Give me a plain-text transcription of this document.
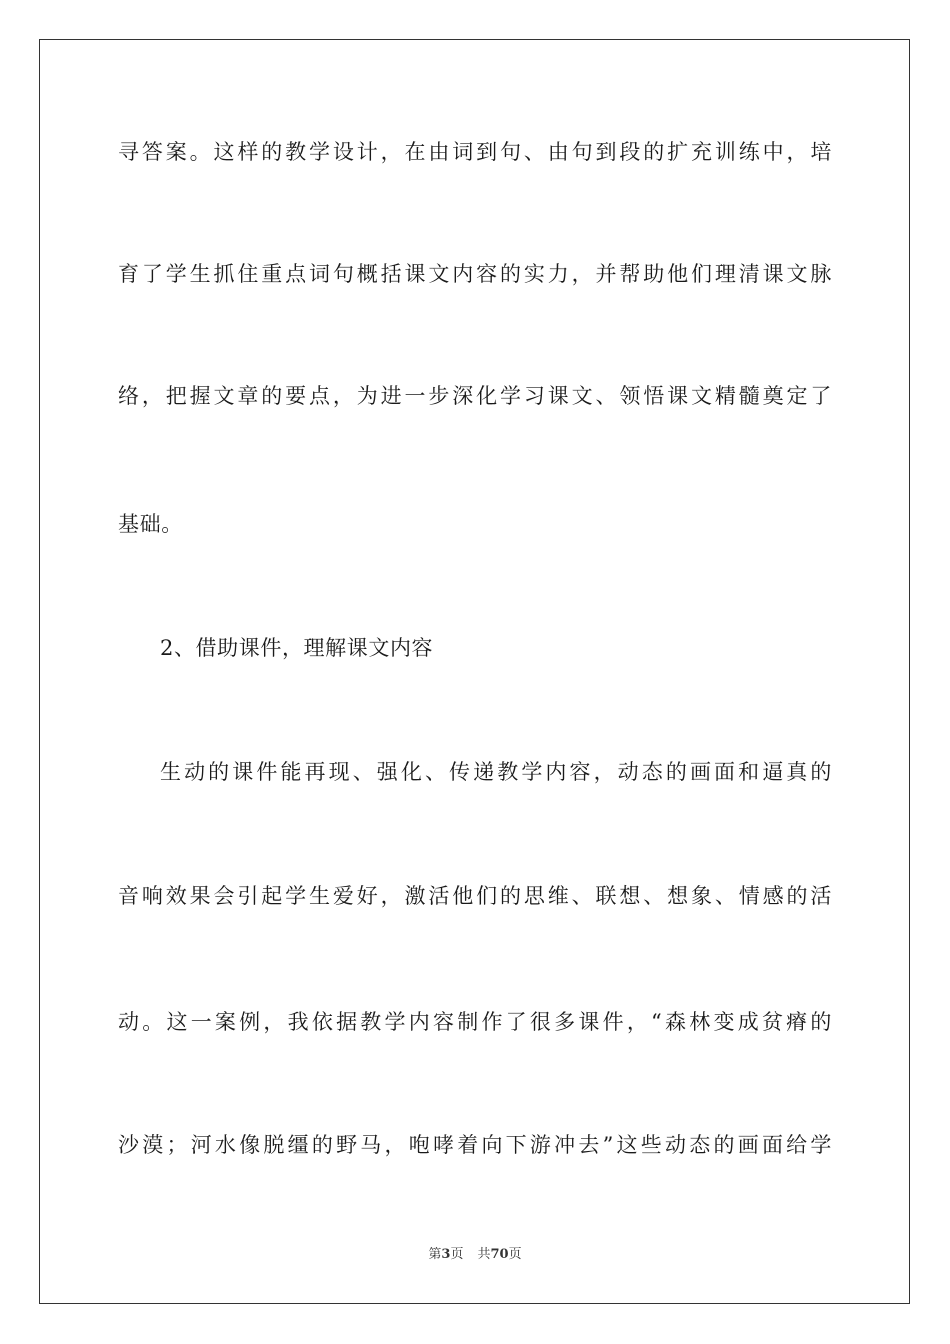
寻答案。这样的教学设计，在由词到句、由句到段的扩充训练中，培
育了学生抓住重点词句概括课文内容的实力，并帮助他们理清课文脉
络，把握文章的要点，为进一步深化学习课文、领悟课文精髓奠定了
基础。
2、借助课件，理解课文内容
生动的课件能再现、强化、传递教学内容，动态的画面和逼真的
音响效果会引起学生爱好，激活他们的思维、联想、想象、情感的活
动。这一案例，我依据教学内容制作了很多课件，“森林变成贫瘠的
沙漠；河水像脱缰的野马，咆哮着向下游冲去”这些动态的画面给学
第3页 共70页
